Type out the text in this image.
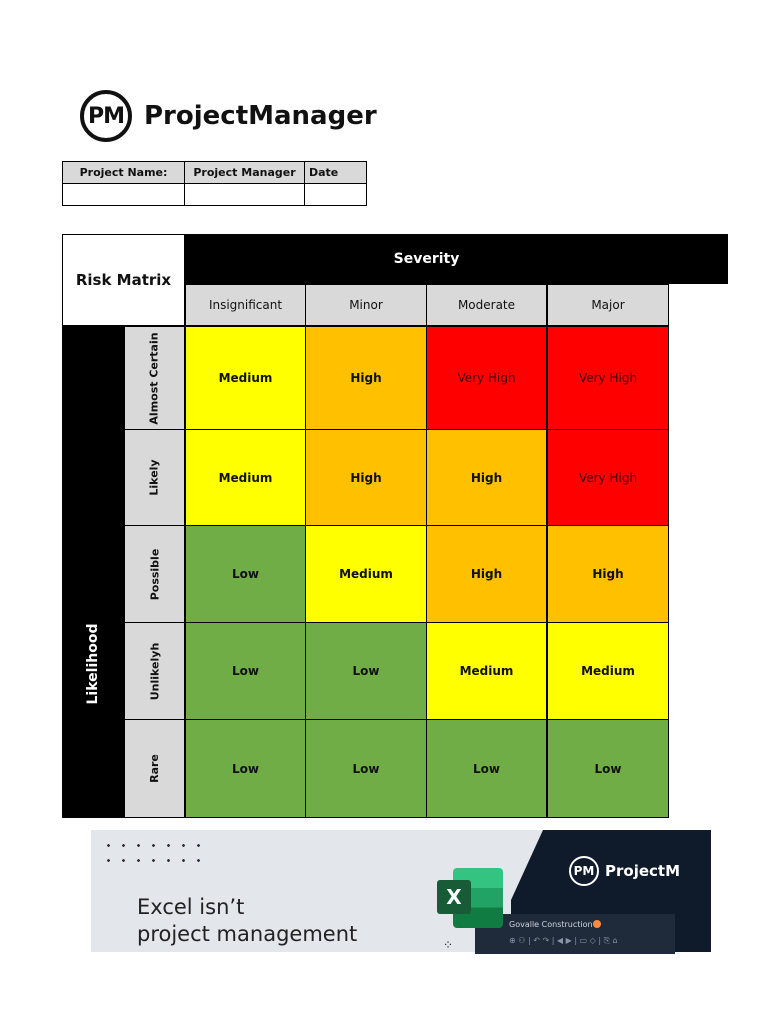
PM ProjectManager
Project Name:	Project Manager	Date

Risk Matrix
Severity
Likelihood
Insignificant	Minor	Moderate	Major
Almost Certain	Medium	High	Very High	Very High
Likely	Medium	High	High	Very High
Possible	Low	Medium	High	High
Unlikelyh	Low	Low	Medium	Medium
Rare	Low	Low	Low	Low
Excel isn’t
project management
PM ProjectM
Govalle Construction
⊕ ⚇ | ↶ ↷ | ◀ ▶ | ▭ ◇ | ⎘ ⌂
X
⁘
